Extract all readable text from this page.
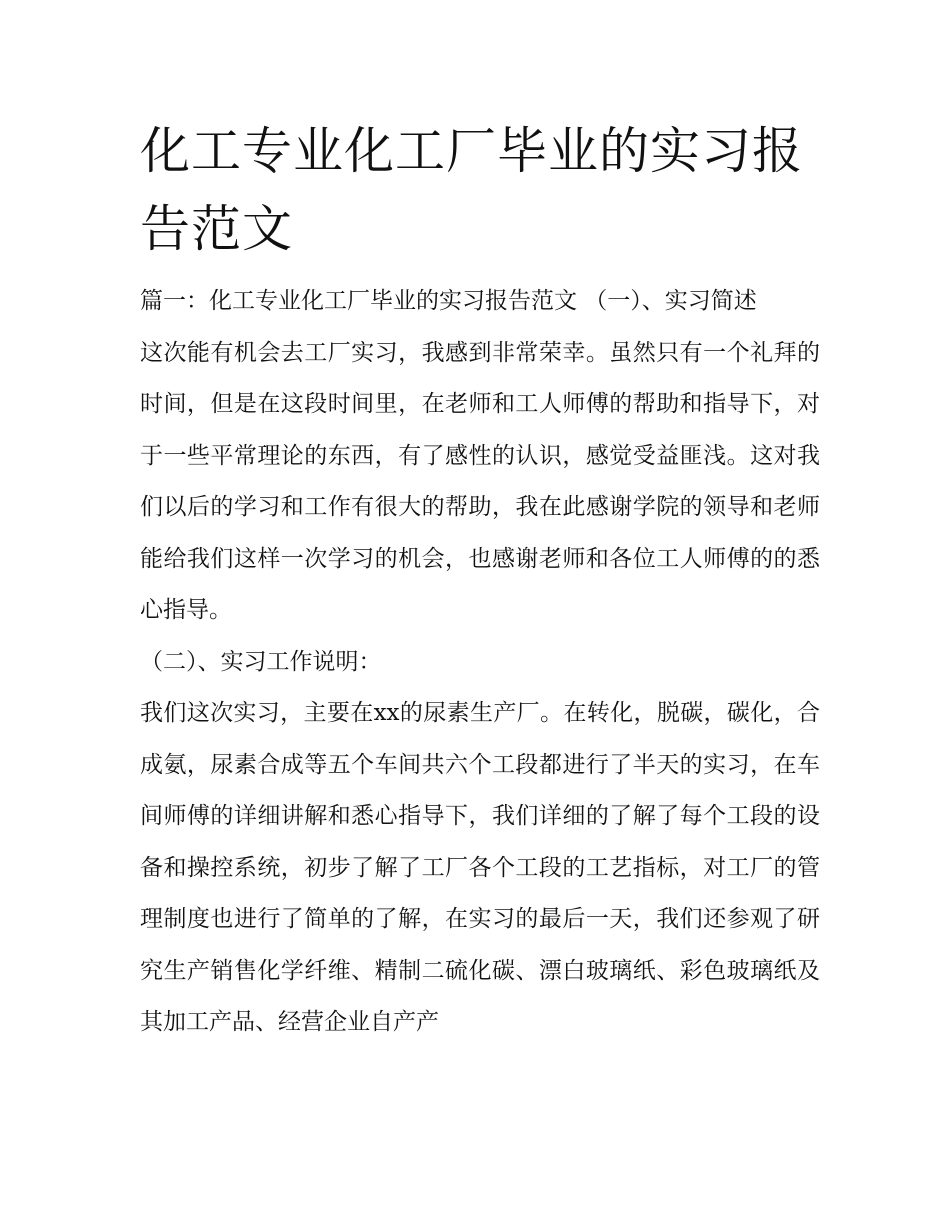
化工专业化工厂毕业的实习报告范文

篇一：化工专业化工厂毕业的实习报告范文 （一）、实习简述

这次能有机会去工厂实习，我感到非常荣幸。虽然只有一个礼拜的时间，但是在这段时间里，在老师和工人师傅的帮助和指导下，对于一些平常理论的东西，有了感性的认识，感觉受益匪浅。这对我们以后的学习和工作有很大的帮助，我在此感谢学院的领导和老师能给我们这样一次学习的机会，也感谢老师和各位工人师傅的的悉心指导。

（二）、实习工作说明：

我们这次实习，主要在xx的尿素生产厂。在转化，脱碳，碳化，合成氨，尿素合成等五个车间共六个工段都进行了半天的实习，在车间师傅的详细讲解和悉心指导下，我们详细的了解了每个工段的设备和操控系统，初步了解了工厂各个工段的工艺指标，对工厂的管理制度也进行了简单的了解，在实习的最后一天，我们还参观了研究生产销售化学纤维、精制二硫化碳、漂白玻璃纸、彩色玻璃纸及其加工产品、经营企业自产产
